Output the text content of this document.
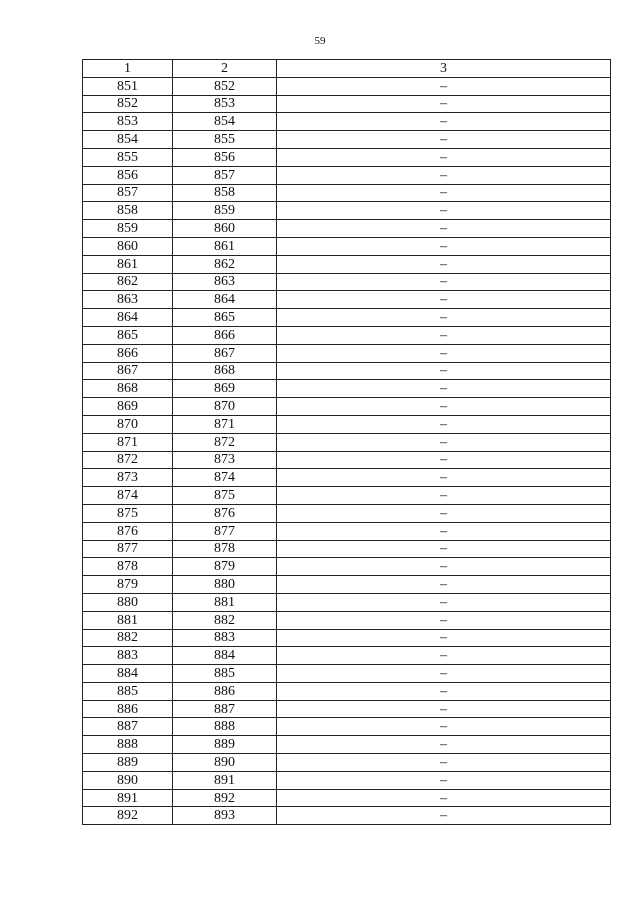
59
1	2	3
851	852	–
852	853	–
853	854	–
854	855	–
855	856	–
856	857	–
857	858	–
858	859	–
859	860	–
860	861	–
861	862	–
862	863	–
863	864	–
864	865	–
865	866	–
866	867	–
867	868	–
868	869	–
869	870	–
870	871	–
871	872	–
872	873	–
873	874	–
874	875	–
875	876	–
876	877	–
877	878	–
878	879	–
879	880	–
880	881	–
881	882	–
882	883	–
883	884	–
884	885	–
885	886	–
886	887	–
887	888	–
888	889	–
889	890	–
890	891	–
891	892	–
892	893	–
